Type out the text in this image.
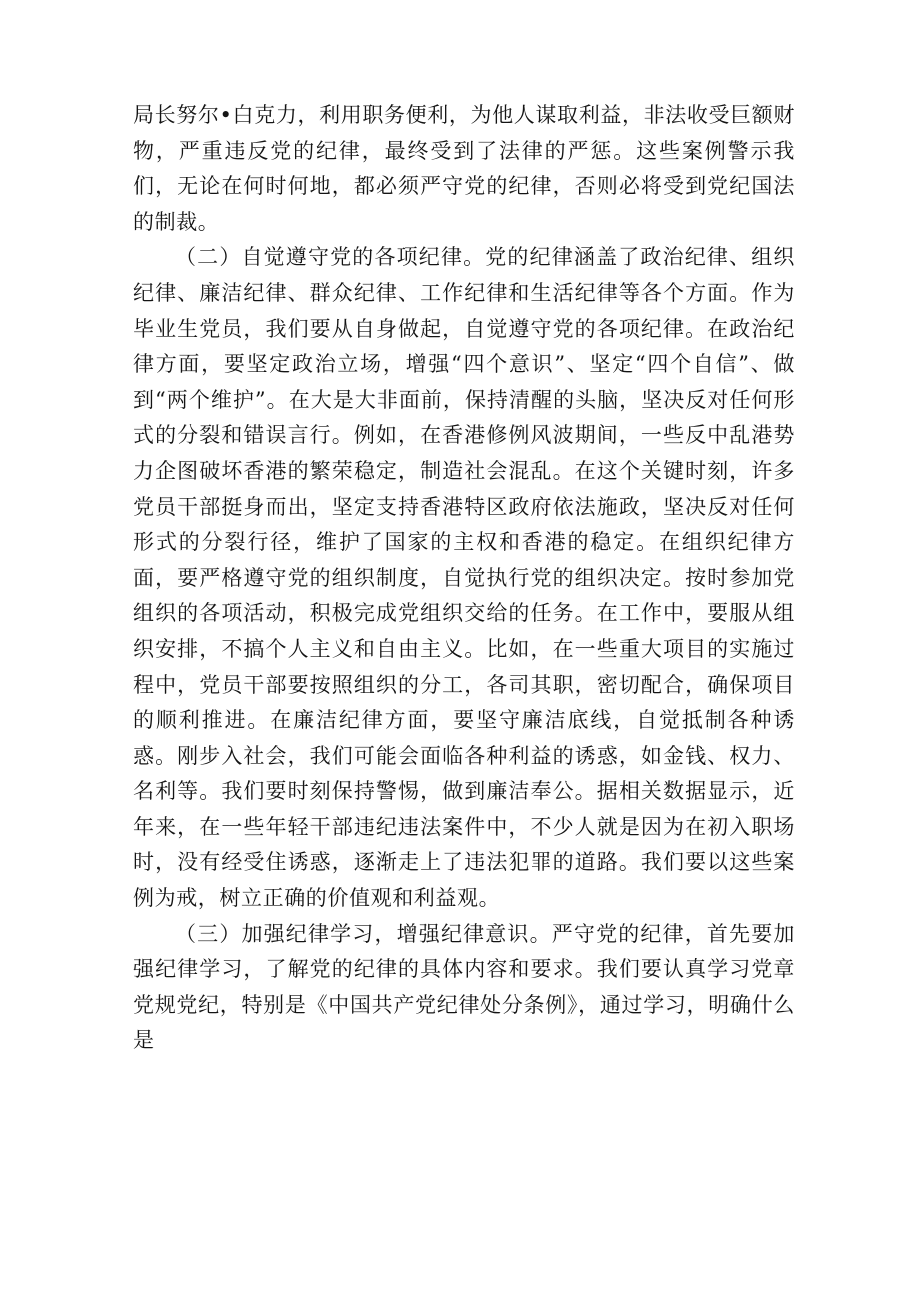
局长努尔•白克力，利用职务便利，为他人谋取利益，非法收受巨额财物，严重违反党的纪律，最终受到了法律的严惩。这些案例警示我们，无论在何时何地，都必须严守党的纪律，否则必将受到党纪国法的制裁。

（二）自觉遵守党的各项纪律。党的纪律涵盖了政治纪律、组织纪律、廉洁纪律、群众纪律、工作纪律和生活纪律等各个方面。作为毕业生党员，我们要从自身做起，自觉遵守党的各项纪律。在政治纪律方面，要坚定政治立场，增强“四个意识”、坚定“四个自信”、做到“两个维护”。在大是大非面前，保持清醒的头脑，坚决反对任何形式的分裂和错误言行。例如，在香港修例风波期间，一些反中乱港势力企图破坏香港的繁荣稳定，制造社会混乱。在这个关键时刻，许多党员干部挺身而出，坚定支持香港特区政府依法施政，坚决反对任何形式的分裂行径，维护了国家的主权和香港的稳定。在组织纪律方面，要严格遵守党的组织制度，自觉执行党的组织决定。按时参加党组织的各项活动，积极完成党组织交给的任务。在工作中，要服从组织安排，不搞个人主义和自由主义。比如，在一些重大项目的实施过程中，党员干部要按照组织的分工，各司其职，密切配合，确保项目的顺利推进。在廉洁纪律方面，要坚守廉洁底线，自觉抵制各种诱惑。刚步入社会，我们可能会面临各种利益的诱惑，如金钱、权力、名利等。我们要时刻保持警惕，做到廉洁奉公。据相关数据显示，近年来，在一些年轻干部违纪违法案件中，不少人就是因为在初入职场时，没有经受住诱惑，逐渐走上了违法犯罪的道路。我们要以这些案例为戒，树立正确的价值观和利益观。

（三）加强纪律学习，增强纪律意识。严守党的纪律，首先要加强纪律学习，了解党的纪律的具体内容和要求。我们要认真学习党章党规党纪，特别是《中国共产党纪律处分条例》，通过学习，明确什么是
